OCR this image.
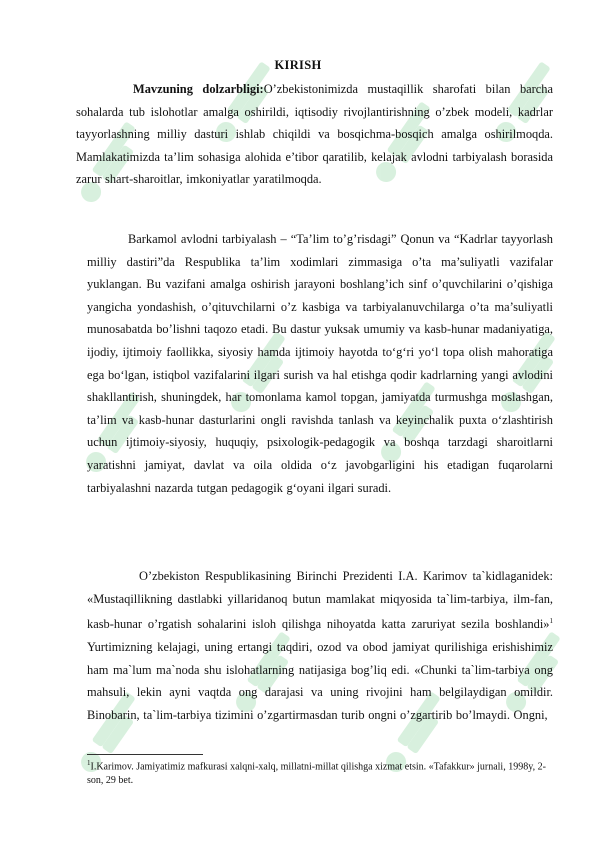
KIRISH
Mavzuning dolzarbligi:O’zbekistonimizda mustaqillik sharofati bilan barcha sohalarda tub islohotlar amalga oshirildi, iqtisodiy rivojlantirishning o’zbek modeli, kadrlar tayyorlashning milliy dasturi ishlab chiqildi va bosqichma-bosqich amalga oshirilmoqda. Mamlakatimizda ta’lim sohasiga alohida e’tibor qaratilib, kelajak avlodni tarbiyalash borasida zarur shart-sharoitlar, imkoniyatlar yaratilmoqda.
Barkamol avlodni tarbiyalash – “Ta’lim to’g’risdagi” Qonun va “Kadrlar tayyorlash milliy dastiri”da Respublika ta’lim xodimlari zimmasiga o’ta ma’suliyatli vazifalar yuklangan. Bu vazifani amalga oshirish jarayoni boshlang’ich sinf o’quvchilarini o’qishiga yangicha yondashish, o’qituvchilarni o’z kasbiga va tarbiyalanuvchilarga o’ta ma’suliyatli munosabatda bo’lishni taqozo etadi. Bu dastur yuksak umumiy va kasb-hunar madaniyatiga, ijodiy, ijtimoiy faollikka, siyosiy hamda ijtimoiy hayotda to‘g‘ri yo‘l topa olish mahoratiga ega bo‘lgan, istiqbol vazifalarini ilgari surish va hal etishga qodir kadrlarning yangi avlodini shakllantirish, shuningdek, har tomonlama kamol topgan, jamiyatda turmushga moslashgan, ta’lim va kasb-hunar dasturlarini ongli ravishda tanlash va keyinchalik puxta o‘zlashtirish uchun ijtimoiy-siyosiy, huquqiy, psixologik-pedagogik va boshqa tarzdagi sharoitlarni yaratishni jamiyat, davlat va oila oldida o‘z javobgarligini his etadigan fuqarolarni tarbiyalashni nazarda tutgan pedagogik g‘oyani ilgari suradi.
O’zbekiston Respublikasining Birinchi Prezidenti I.A. Karimov ta`kidlaganidek: «Mustaqillikning dastlabki yillaridanoq butun mamlakat miqyosida ta`lim-tarbiya, ilm-fan, kasb-hunar o’rgatish sohalarini isloh qilishga nihoyatda katta zaruriyat sezila boshlandi»$^1$ Yurtimizning kelajagi, uning ertangi taqdiri, ozod va obod jamiyat qurilishiga erishishimiz ham ma`lum ma`noda shu islohatlarning natijasiga bog’liq edi. «Chunki ta`lim-tarbiya ong mahsuli, lekin ayni vaqtda ong darajasi va uning rivojini ham belgilaydigan omildir. Binobarin, ta`lim-tarbiya tizimini o’zgartirmasdan turib ongni o’zgartirib bo’lmaydi. Ongni,
$^1$I.Karimov. Jamiyatimiz mafkurasi xalqni-xalq, millatni-millat qilishga xizmat etsin. «Tafakkur» jurnali, 1998y, 2-son, 29 bet.
